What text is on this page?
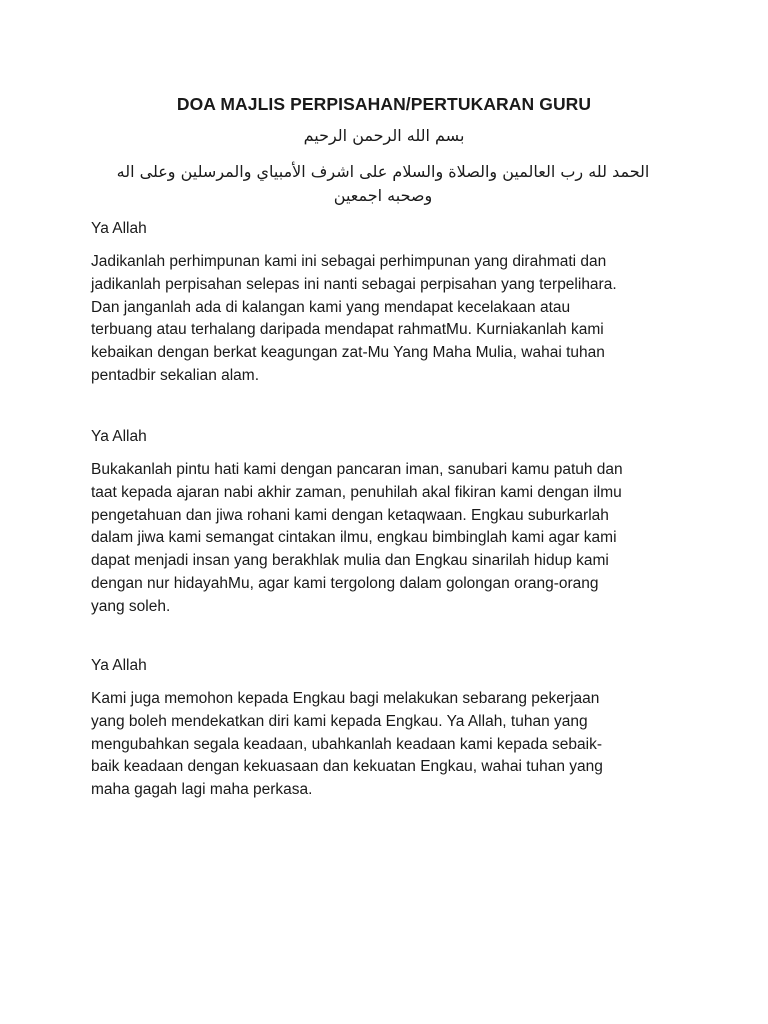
DOA MAJLIS PERPISAHAN/PERTUKARAN GURU
بسم الله الرحمن الرحيم
الحمد لله رب العالمين والصلاة والسلام على اشرف الأمبياي والمرسلين وعلى اله وصحبه اجمعين
Ya Allah
Jadikanlah perhimpunan kami ini sebagai perhimpunan yang dirahmati dan
jadikanlah perpisahan selepas ini nanti sebagai perpisahan yang terpelihara.
Dan janganlah ada di kalangan kami yang mendapat kecelakaan atau
terbuang atau terhalang daripada mendapat rahmatMu. Kurniakanlah kami
kebaikan dengan berkat keagungan zat-Mu Yang Maha Mulia, wahai tuhan
pentadbir sekalian alam.
Ya Allah
Bukakanlah pintu hati kami dengan pancaran iman, sanubari kamu patuh dan
taat kepada ajaran nabi akhir zaman, penuhilah akal fikiran kami dengan ilmu
pengetahuan dan jiwa rohani kami dengan ketaqwaan. Engkau suburkarlah
dalam jiwa kami semangat cintakan ilmu, engkau bimbinglah kami agar kami
dapat menjadi insan yang berakhlak mulia dan Engkau sinarilah hidup kami
dengan nur hidayahMu, agar kami tergolong dalam golongan orang-orang
yang soleh.
Ya Allah
Kami juga memohon kepada Engkau bagi melakukan sebarang pekerjaan
yang boleh mendekatkan diri kami kepada Engkau. Ya Allah, tuhan yang
mengubahkan segala keadaan, ubahkanlah keadaan kami kepada sebaik-
baik keadaan dengan kekuasaan dan kekuatan Engkau, wahai tuhan yang
maha gagah lagi maha perkasa.
